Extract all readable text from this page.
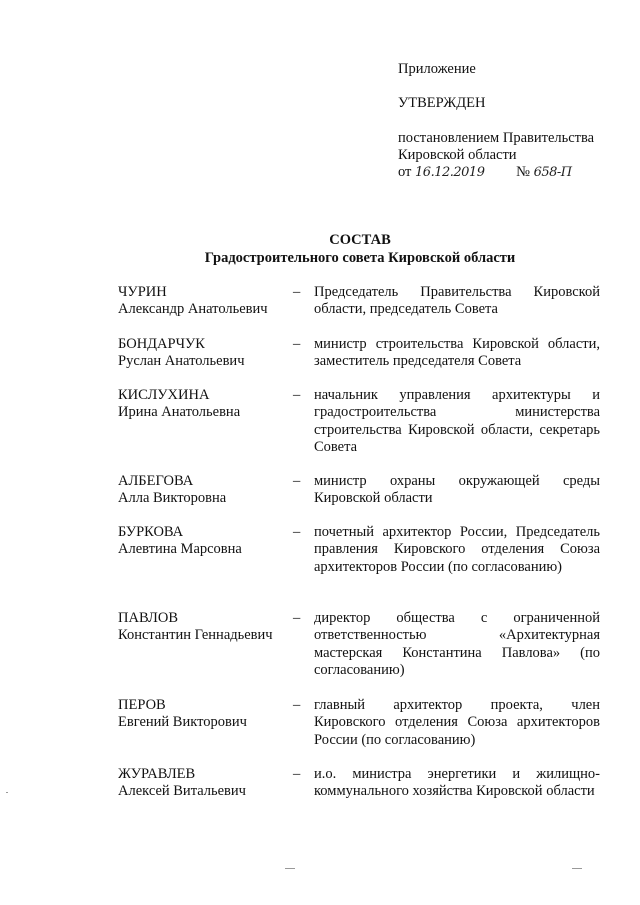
Приложение
УТВЕРЖДЕН
постановлением Правительства
Кировской области
от 16.12.2019 № 658-П
СОСТАВ
Градостроительного совета Кировской области
ЧУРИН
Александр Анатольевич
– Председатель Правительства Кировской области, председатель Совета
БОНДАРЧУК
Руслан Анатольевич
– министр строительства Кировской области, заместитель председателя Совета
КИСЛУХИНА
Ирина Анатольевна
– начальник управления архитектуры и градостроительства министерства строительства Кировской области, секретарь Совета
АЛБЕГОВА
Алла Викторовна
– министр охраны окружающей среды Кировской области
БУРКОВА
Алевтина Марсовна
– почетный архитектор России, Председатель правления Кировского отделения Союза архитекторов России (по согласованию)
ПАВЛОВ
Константин Геннадьевич
– директор общества с ограниченной ответственностью «Архитектурная мастерская Константина Павлова» (по согласованию)
ПЕРОВ
Евгений Викторович
– главный архитектор проекта, член Кировского отделения Союза архитекторов России (по согласованию)
ЖУРАВЛЕВ
Алексей Витальевич
– и.о. министра энергетики и жилищно-коммунального хозяйства Кировской области
